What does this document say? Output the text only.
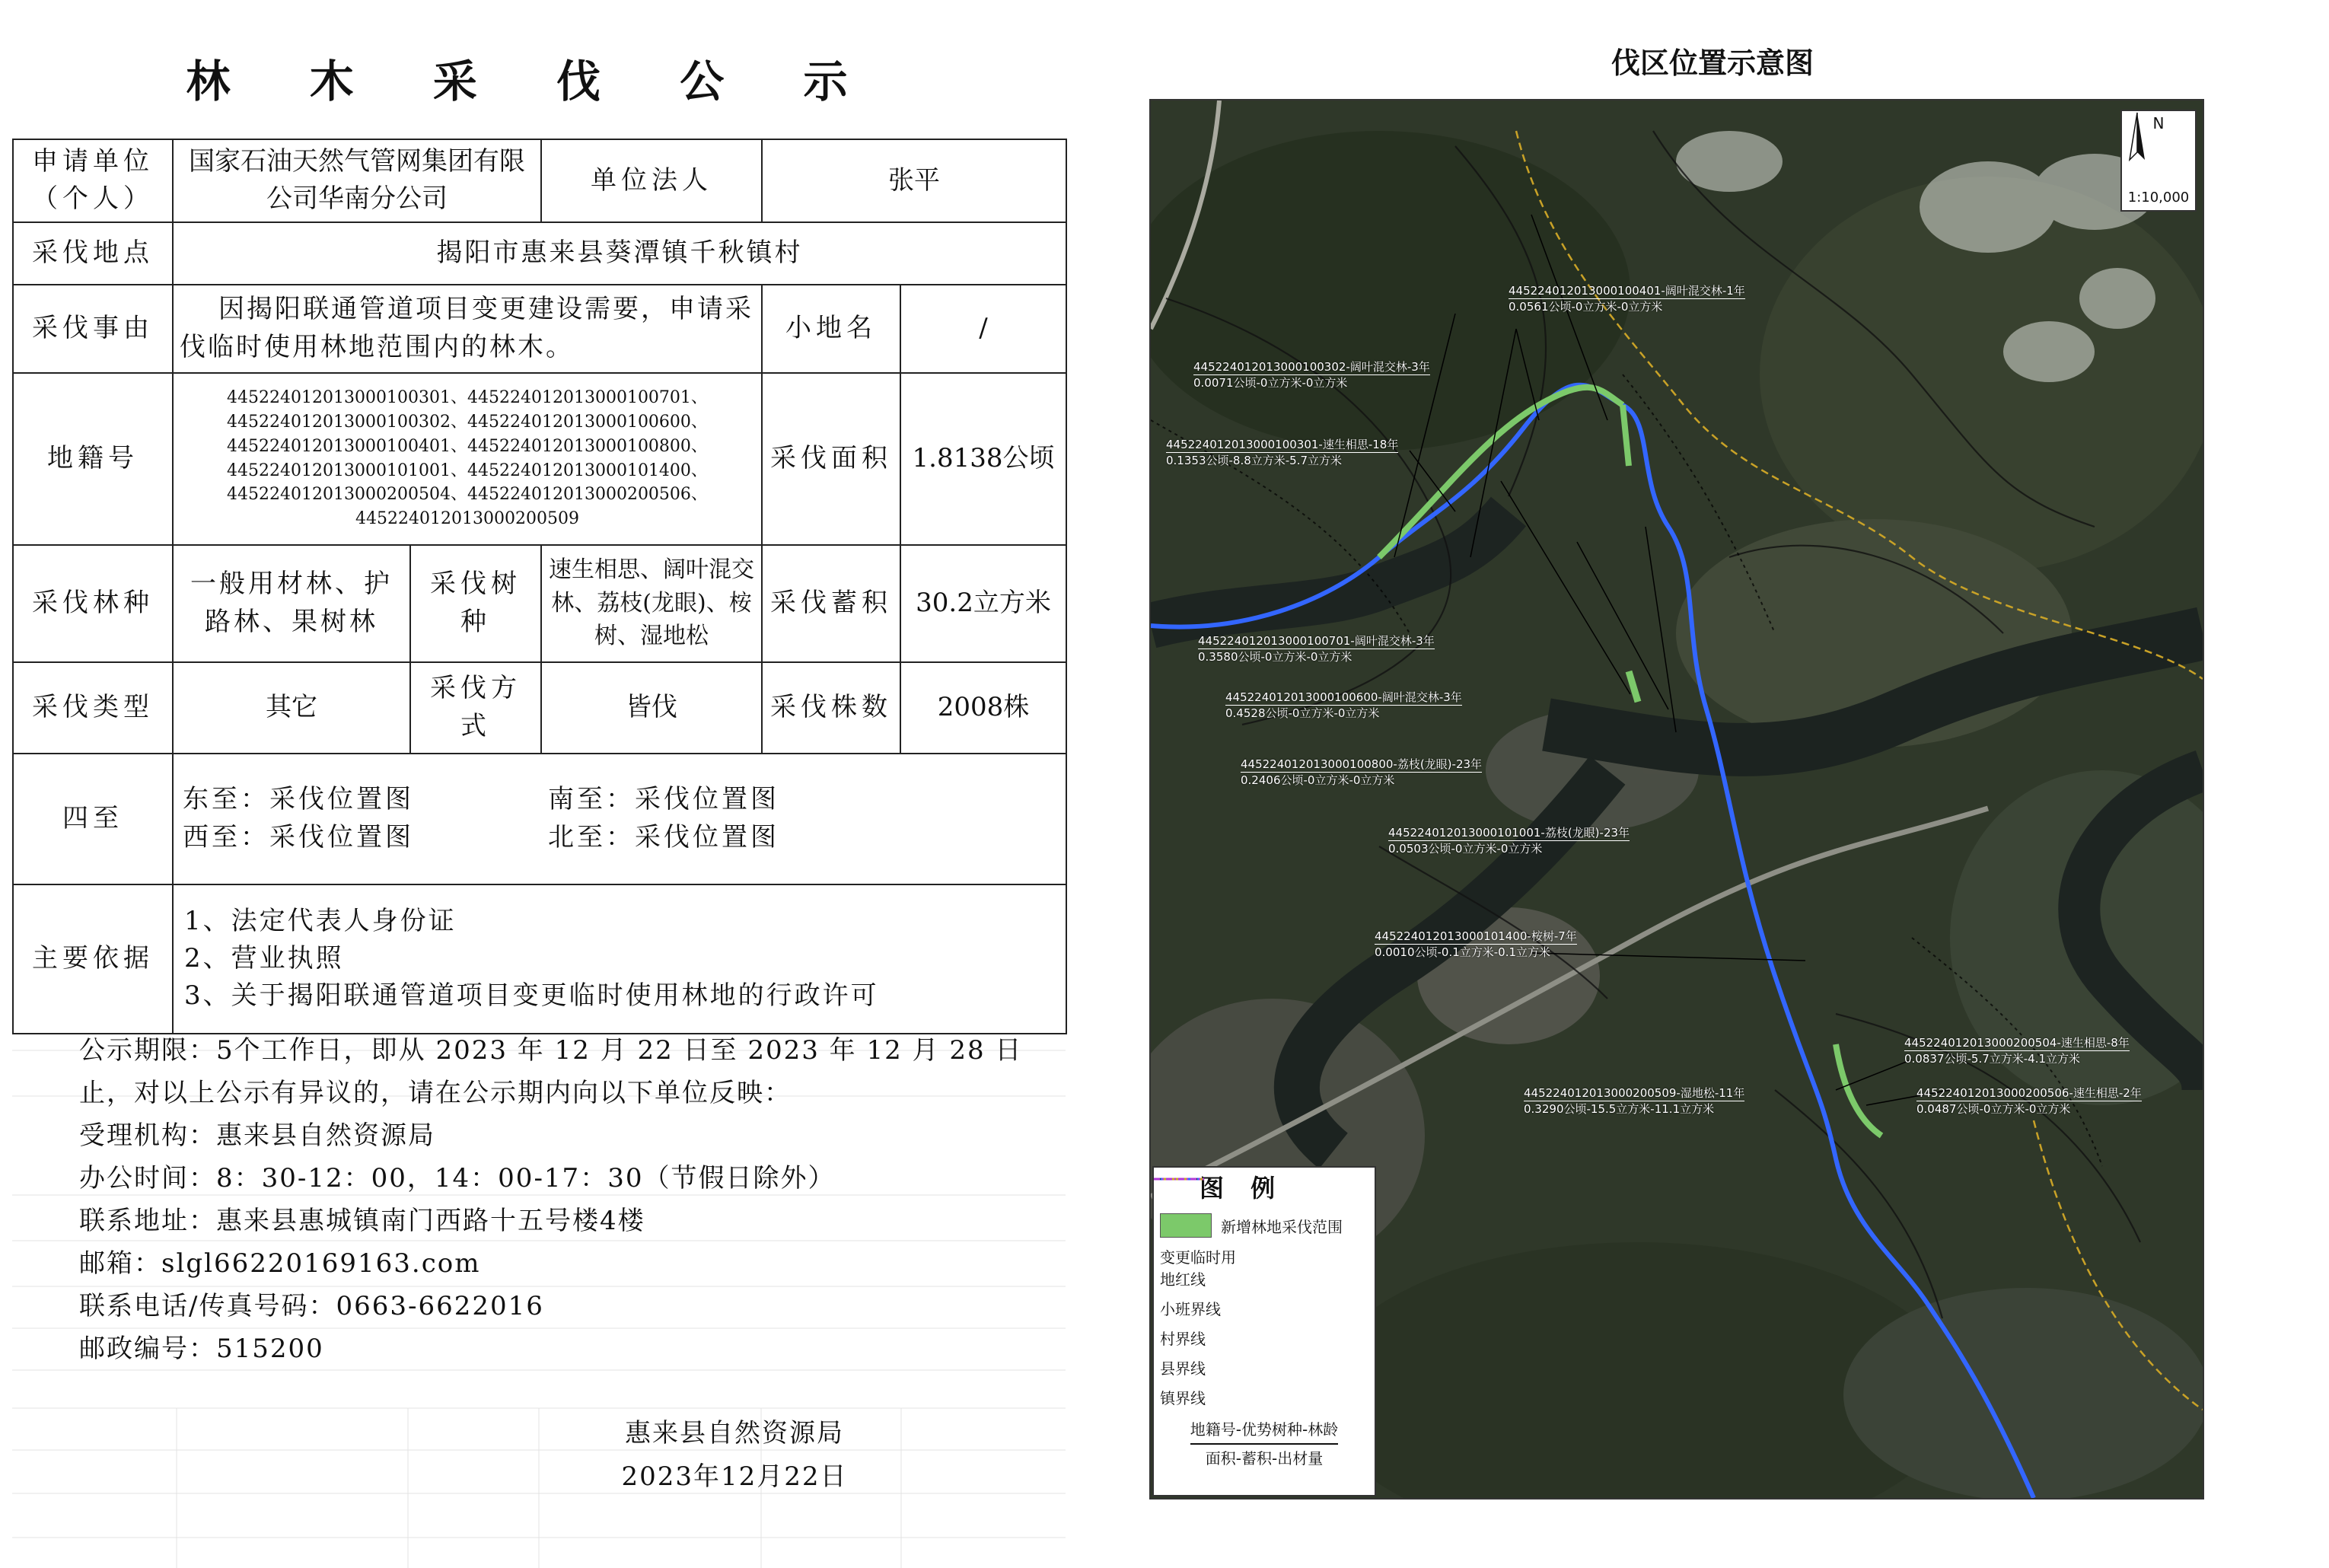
林 木 采 伐 公 示
申请单位（个人）	国家石油天然气管网集团有限公司华南分公司		单位法人	张平	
采伐地点	揭阳市惠来县葵潭镇千秋镇村				
采伐事由	因揭阳联通管道项目变更建设需要，申请采伐临时使用林地范围内的林木。			小地名	/
地籍号	445224012013000100301、445224012013000100701、445224012013000100302、445224012013000100600、445224012013000100401、445224012013000100800、445224012013000101001、445224012013000101400、445224012013000200504、445224012013000200506、445224012013000200509			采伐面积	1.8138公顷
采伐林种	一般用材林、护路林、果树林	采伐树种	速生相思、阔叶混交林、荔枝(龙眼)、桉树、湿地松	采伐蓄积	30.2立方米
采伐类型	其它	采伐方式	皆伐	采伐株数	2008株
四至	东至：采伐位置图 南至：采伐位置图
西至：采伐位置图 北至：采伐位置图				

主要依据	1、法定代表人身份证
2、营业执照
3、关于揭阳联通管道项目变更临时使用林地的行政许可				

公示期限：5个工作日，即从 2023 年 12 月 22 日至 2023 年 12 月 28 日止，对以上公示有异议的，请在公示期内向以下单位反映：

受理机构：惠来县自然资源局

办公时间：8：30-12：00，14：00-17：30（节假日除外）

联系地址：惠来县惠城镇南门西路十五号楼4楼

邮箱：slgl66220169163.com

联系电话/传真号码：0663-6622016

邮政编号：515200

惠来县自然资源局
2023年12月22日
伐区位置示意图
N
1:10,000
445224012013000100401-阔叶混交林-1年
0.0561公顷-0立方米-0立方米
445224012013000100302-阔叶混交林-3年
0.0071公顷-0立方米-0立方米
445224012013000100301-速生相思-18年
0.1353公顷-8.8立方米-5.7立方米
445224012013000100701-阔叶混交林-3年
0.3580公顷-0立方米-0立方米
445224012013000100600-阔叶混交林-3年
0.4528公顷-0立方米-0立方米
445224012013000100800-荔枝(龙眼)-23年
0.2406公顷-0立方米-0立方米
445224012013000101001-荔枝(龙眼)-23年
0.0503公顷-0立方米-0立方米
445224012013000101400-桉树-7年
0.0010公顷-0.1立方米-0.1立方米
445224012013000200504-速生相思-8年
0.0837公顷-5.7立方米-4.1立方米
445224012013000200509-湿地松-11年
0.3290公顷-15.5立方米-11.1立方米
445224012013000200506-速生相思-2年
0.0487公顷-0立方米-0立方米
图 例
新增林地采伐范围
变更临时用地红线
小班界线
村界线
县界线
镇界线
地籍号-优势树种-林龄
面积-蓄积-出材量
